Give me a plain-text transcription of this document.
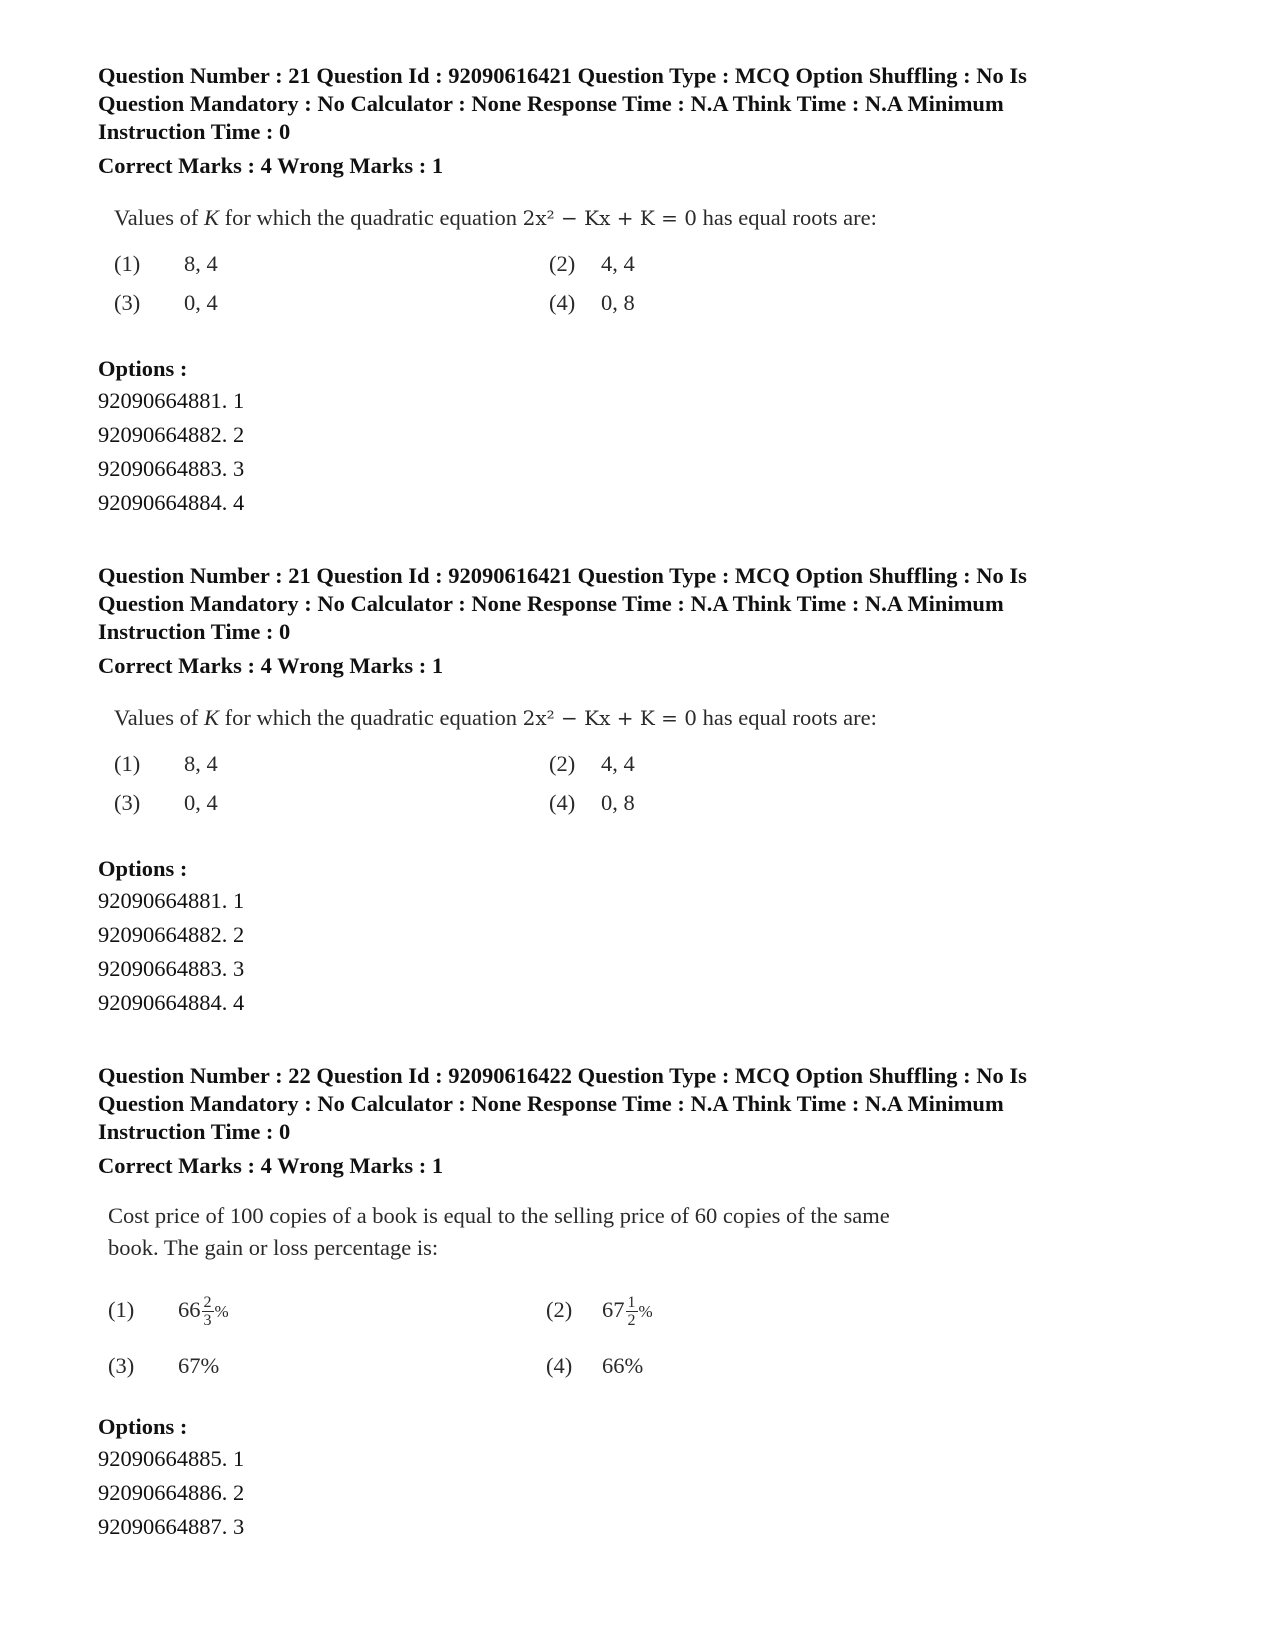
Question Number : 21 Question Id : 92090616421 Question Type : MCQ Option Shuffling : No Is

Question Mandatory : No Calculator : None Response Time : N.A Think Time : N.A Minimum

Instruction Time : 0

Correct Marks : 4 Wrong Marks : 1

Values of K for which the quadratic equation 2x² − Kx + K = 0 has equal roots are:
(1) 8, 4	(2) 4, 4
(3) 0, 4	(4) 0, 8

Options :

92090664881. 1

92090664882. 2

92090664883. 3

92090664884. 4

Question Number : 21 Question Id : 92090616421 Question Type : MCQ Option Shuffling : No Is

Question Mandatory : No Calculator : None Response Time : N.A Think Time : N.A Minimum

Instruction Time : 0

Correct Marks : 4 Wrong Marks : 1

Values of K for which the quadratic equation 2x² − Kx + K = 0 has equal roots are:
(1) 8, 4	(2) 4, 4
(3) 0, 4	(4) 0, 8

Options :

92090664881. 1

92090664882. 2

92090664883. 3

92090664884. 4

Question Number : 22 Question Id : 92090616422 Question Type : MCQ Option Shuffling : No Is

Question Mandatory : No Calculator : None Response Time : N.A Think Time : N.A Minimum

Instruction Time : 0

Correct Marks : 4 Wrong Marks : 1

Cost price of 100 copies of a book is equal to the selling price of 60 copies of the same
book. The gain or loss percentage is:
(1) $66 \frac{2}{3}$ %	(2) $67 \frac{1}{2}$ %
(3) 67%	(4) 66%

Options :

92090664885. 1

92090664886. 2

92090664887. 3
